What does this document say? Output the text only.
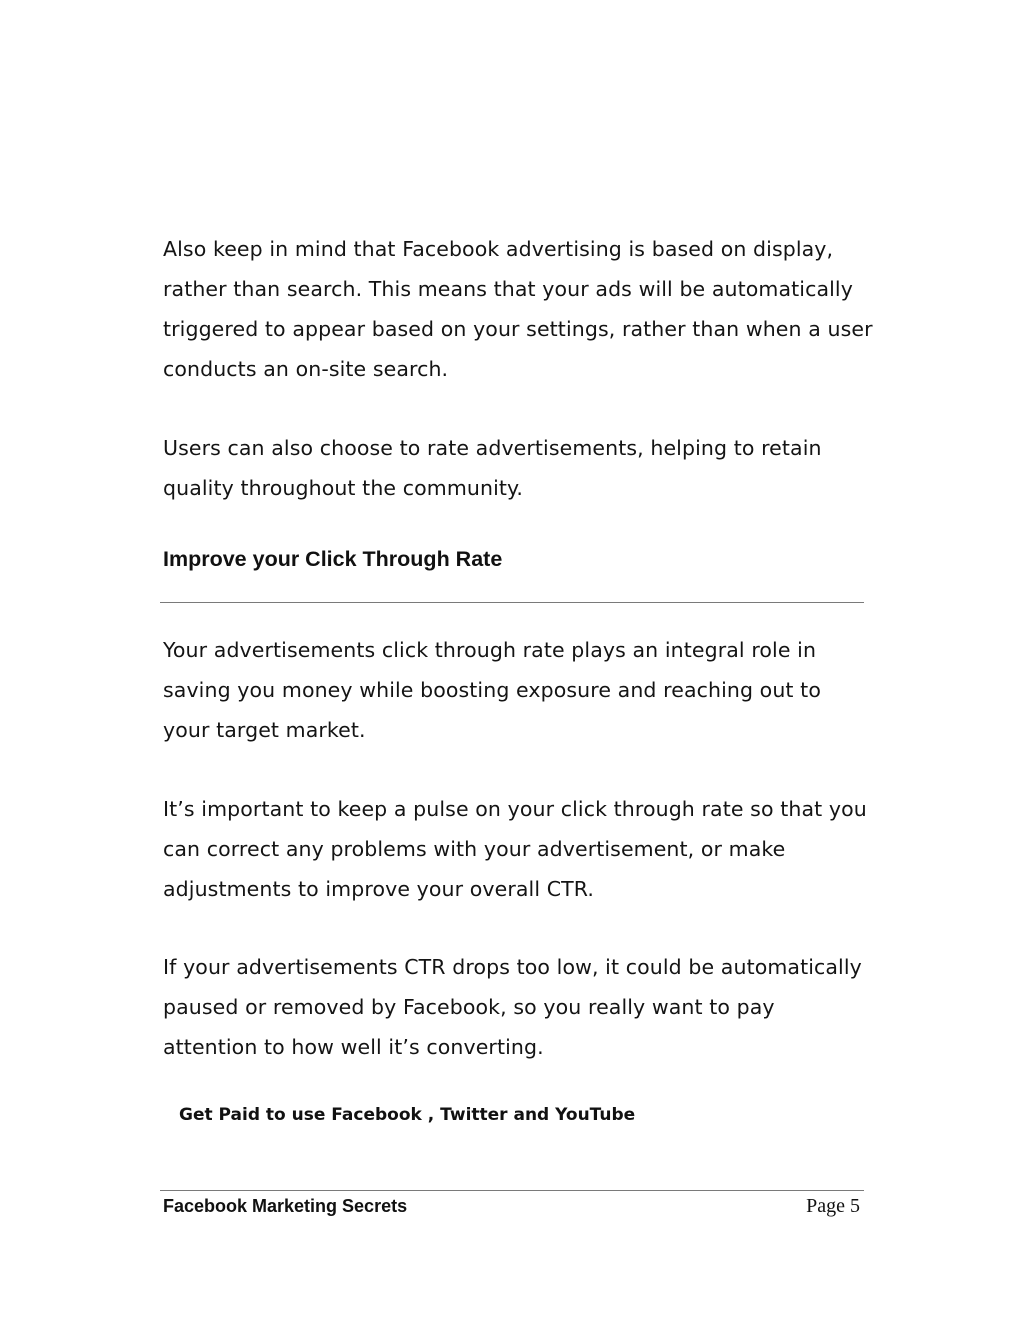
Also keep in mind that Facebook advertising is based on display, rather than search. This means that your ads will be automatically triggered to appear based on your settings, rather than when a user conducts an on-site search.

Users can also choose to rate advertisements, helping to retain quality throughout the community.

Improve your Click Through Rate

Your advertisements click through rate plays an integral role in saving you money while boosting exposure and reaching out to your target market.

It’s important to keep a pulse on your click through rate so that you can correct any problems with your advertisement, or make adjustments to improve your overall CTR.

If your advertisements CTR drops too low, it could be automatically paused or removed by Facebook, so you really want to pay attention to how well it’s converting.

Get Paid to use Facebook , Twitter and YouTube

Facebook Marketing Secrets	Page 5
